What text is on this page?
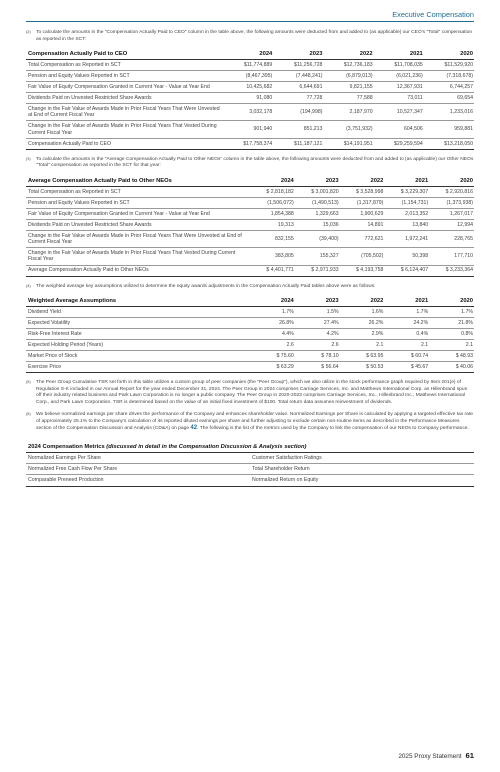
Executive Compensation
(2) To calculate the amounts in the "Compensation Actually Paid to CEO" column in the table above, the following amounts were deducted from and added to (as applicable) our CEO's "Total" compensation as reported in the SCT:
Compensation Actually Paid to CEO	2024	2023	2022	2021	2020
Total Compensation as Reported in SCT	$11,774,889	$11,256,728	$12,736,183	$11,708,035	$11,529,920
Pension and Equity Values Reported in SCT	(8,467,395)	(7,448,241)	(6,879,013)	(6,021,236)	(7,318,678)
Fair Value of Equity Compensation Granted in Current Year - Value at Year End	10,425,682	6,644,691	9,821,155	12,367,931	6,744,257
Dividends Paid on Unvested Restricted Share Awards	91,080	77,728	77,588	73,011	69,654
Change in the Fair Value of Awards Made in Prior Fiscal Years That Were Unvested at End of Current Fiscal Year	3,032,178	(194,998)	2,187,970	10,527,347	1,233,016
Change in the Fair Value of Awards Made in Prior Fiscal Years That Vested During Current Fiscal Year	901,940	851,213	(3,751,932)	604,506	959,881
Compensation Actually Paid to CEO	$17,758,374	$11,187,121	$14,191,951	$29,259,594	$13,218,050
(3) To calculate the amounts in the "Average Compensation Actually Paid to Other NEOs" column in the table above, the following amounts were deducted from and added to (as applicable) our Other NEOs "Total" compensation as reported in the SCT for that year:
Average Compensation Actually Paid to Other NEOs	2024	2023	2022	2021	2020
Total Compensation as Reported in SCT	$ 2,818,182	$ 3,001,820	$ 3,528,998	$ 3,229,307	$ 2,920,816
Pension and Equity Values Reported in SCT	(1,506,072)	(1,490,513)	(1,317,879)	(1,154,731)	(1,373,938)
Fair Value of Equity Compensation Granted in Current Year - Value at Year End	1,854,388	1,329,663	1,900,629	2,013,352	1,267,017
Dividends Paid on Unvested Restricted Share Awards	19,313	15,036	14,891	13,840	12,994
Change in the Fair Value of Awards Made in Prior Fiscal Years That Were Unvested at End of Current Fiscal Year	832,155	(39,400)	772,621	1,972,241	228,765
Change in the Fair Value of Awards Made in Prior Fiscal Years That Vested During Current Fiscal Year	383,805	155,327	(705,502)	50,398	177,710
Average Compensation Actually Paid to Other NEOs	$ 4,401,771	$ 2,971,933	$ 4,193,758	$ 6,124,407	$ 3,233,364
(4) The weighted average key assumptions utilized to determine the equity awards adjustments in the Compensation Actually Paid tables above were as follows:
Weighted Average Assumptions	2024	2023	2022	2021	2020
Dividend Yield	1.7%	1.5%	1.6%	1.7%	1.7%
Expected Volatility	26.8%	27.4%	26.2%	24.2%	21.8%
Risk-Free Interest Rate	4.4%	4.2%	2.9%	0.4%	0.8%
Expected Holding Period (Years)	2.6	2.6	2.1	2.1	2.1
Market Price of Stock	$ 75.60	$ 78.10	$ 63.95	$ 60.74	$ 48.93
Exercise Price	$ 63.29	$ 56.64	$ 50.53	$ 45.67	$ 40.06
(5) The Peer Group Cumulative TSR set forth in this table utilizes a custom group of peer companies (the "Peer Group"), which we also utilize in the stock performance graph required by Item 201(e) of Regulation S-K included in our Annual Report for the year ended December 31, 2024. The Peer Group in 2024 comprises Carriage Services, Inc. and Matthews International Corp. as Hillenbrand spun off their industry related business and Park Lawn Corporation is no longer a public company. The Peer Group in 2020-2023 comprises Carriage Services, Inc., Hillenbrand Inc., Matthews International Corp., and Park Lawn Corporation. TSR is determined based on the value of an initial fixed investment of $100. Total return data assumes reinvestment of dividends.
(6) We believe normalized earnings per share drives the performance of the Company and enhances shareholder value. Normalized Earnings per Share is calculated by applying a targeted effective tax rate of approximately 25.1% to the Company's calculation of its reported diluted earnings per share and further adjusting to exclude certain non-routine items as described in the Performance Measures section of the Compensation Discussion and Analysis (CD&A) on page 42. The following is the list of the metrics used by the Company to link the compensation of our NEOs to Company performance.
2024 Compensation Metrics (discussed in detail in the Compensation Discussion & Analysis section)	
Normalized Earnings Per Share	Customer Satisfaction Ratings
Normalized Free Cash Flow Per Share	Total Shareholder Return
Comparable Preneed Production	Normalized Return on Equity
2025 Proxy Statement 61
